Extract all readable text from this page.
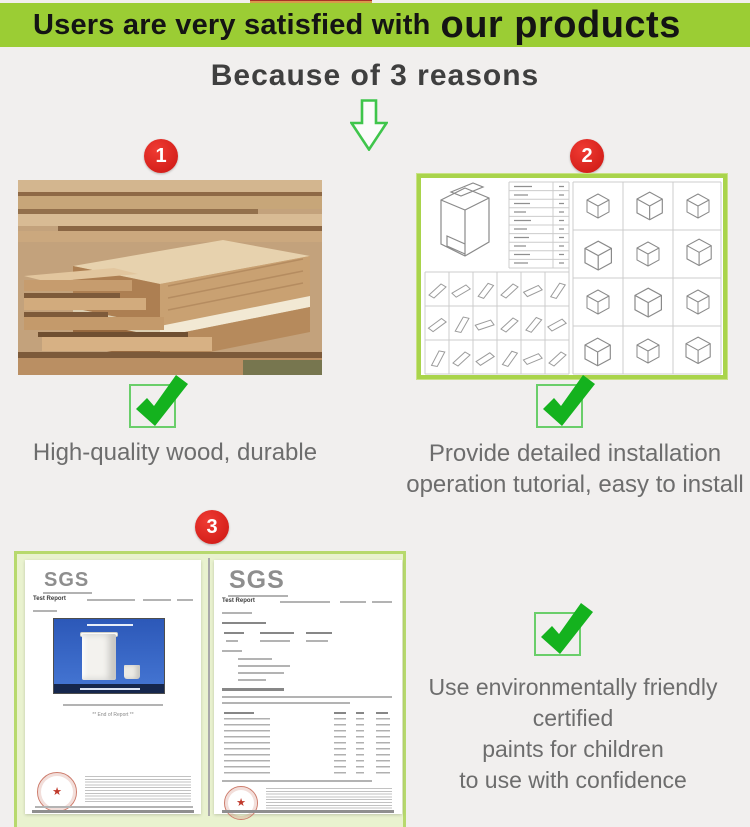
Users are very satisfied with our products
Because of 3 reasons
1
High-quality wood, durable
2
Provide detailed installation
operation tutorial, easy to install
3
SGS
Test Report
** End of Report **
★
SGS
Test Report
★
Use environmentally friendly
certified
paints for children
to use with confidence
